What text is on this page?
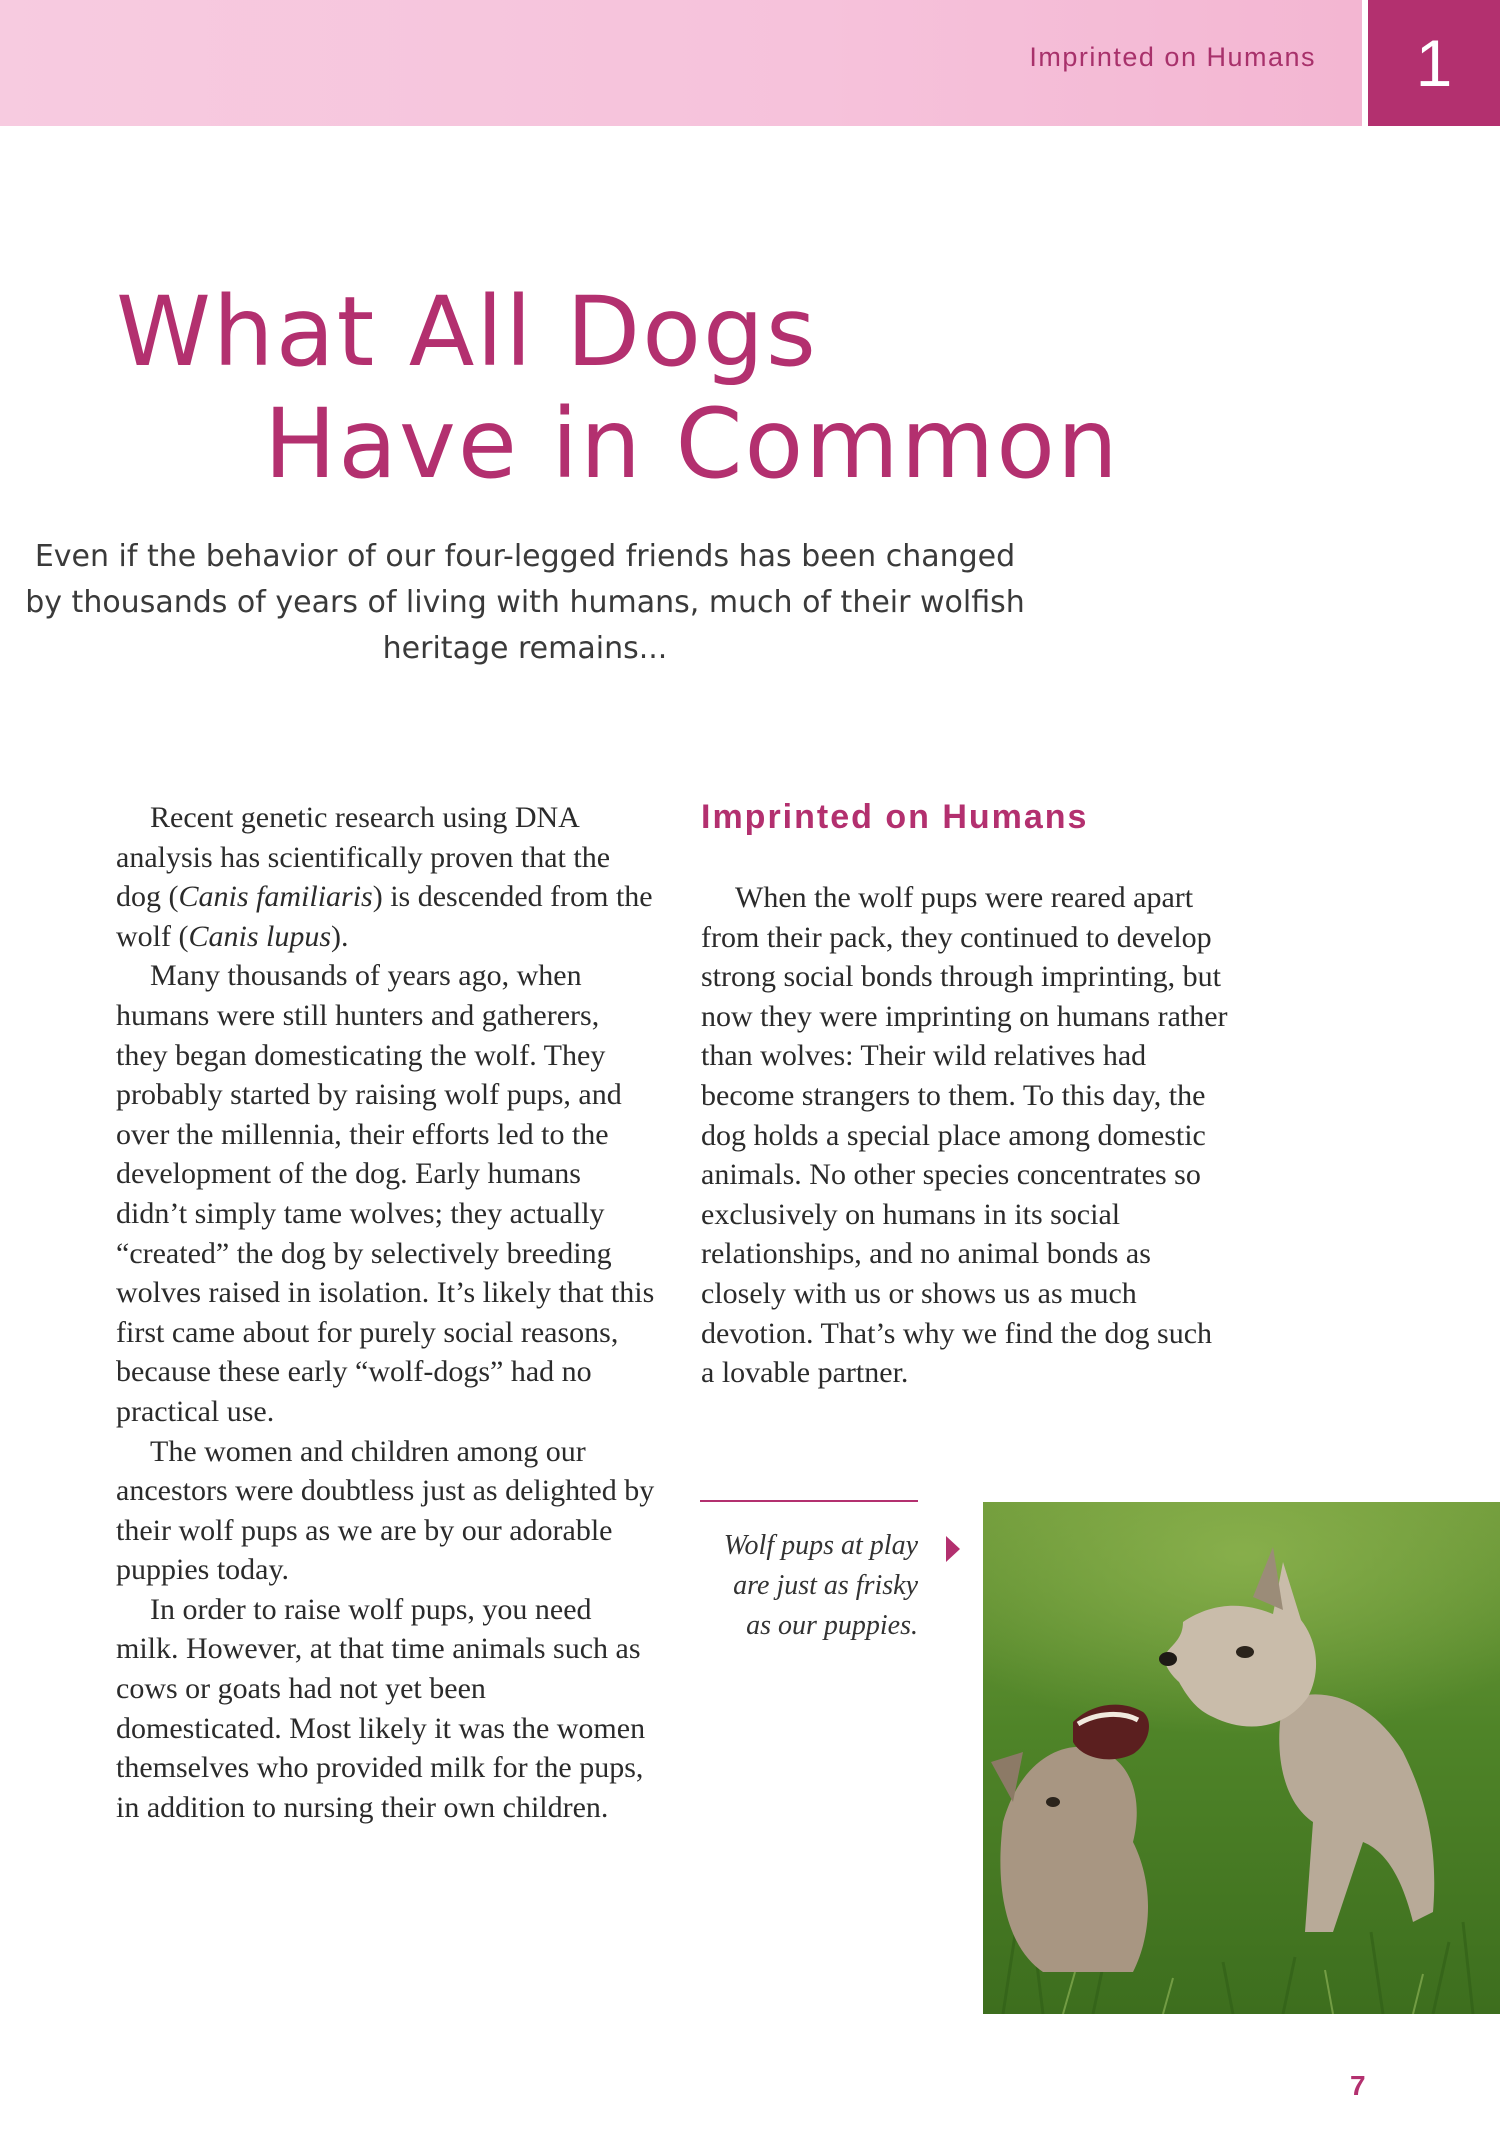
Imprinted on Humans	1
What All Dogs
Have in Common
Even if the behavior of our four-legged friends has been changed by thousands of years of living with humans, much of their wolfish heritage remains...

Recent genetic research using DNA analysis has scientifically proven that the dog (Canis familiaris) is descended from the wolf (Canis lupus).

Many thousands of years ago, when humans were still hunters and gatherers, they began domesticating the wolf. They probably started by raising wolf pups, and over the millennia, their efforts led to the development of the dog. Early humans didn’t simply tame wolves; they actually “created” the dog by selectively breeding wolves raised in isolation. It’s likely that this first came about for purely social reasons, because these early “wolf-dogs” had no practical use.

The women and children among our ancestors were doubtless just as delighted by their wolf pups as we are by our adorable puppies today.

In order to raise wolf pups, you need milk. However, at that time animals such as cows or goats had not yet been domesticated. Most likely it was the women themselves who provided milk for the pups, in addition to nursing their own children.

Imprinted on Humans

When the wolf pups were reared apart from their pack, they continued to develop strong social bonds through imprinting, but now they were imprinting on humans rather than wolves: Their wild relatives had become strangers to them. To this day, the dog holds a special place among domestic animals. No other species concentrates so exclusively on humans in its social relationships, and no animal bonds as closely with us or shows us as much devotion. That’s why we find the dog such a lovable partner.

Wolf pups at play
are just as frisky
as our puppies.
7
